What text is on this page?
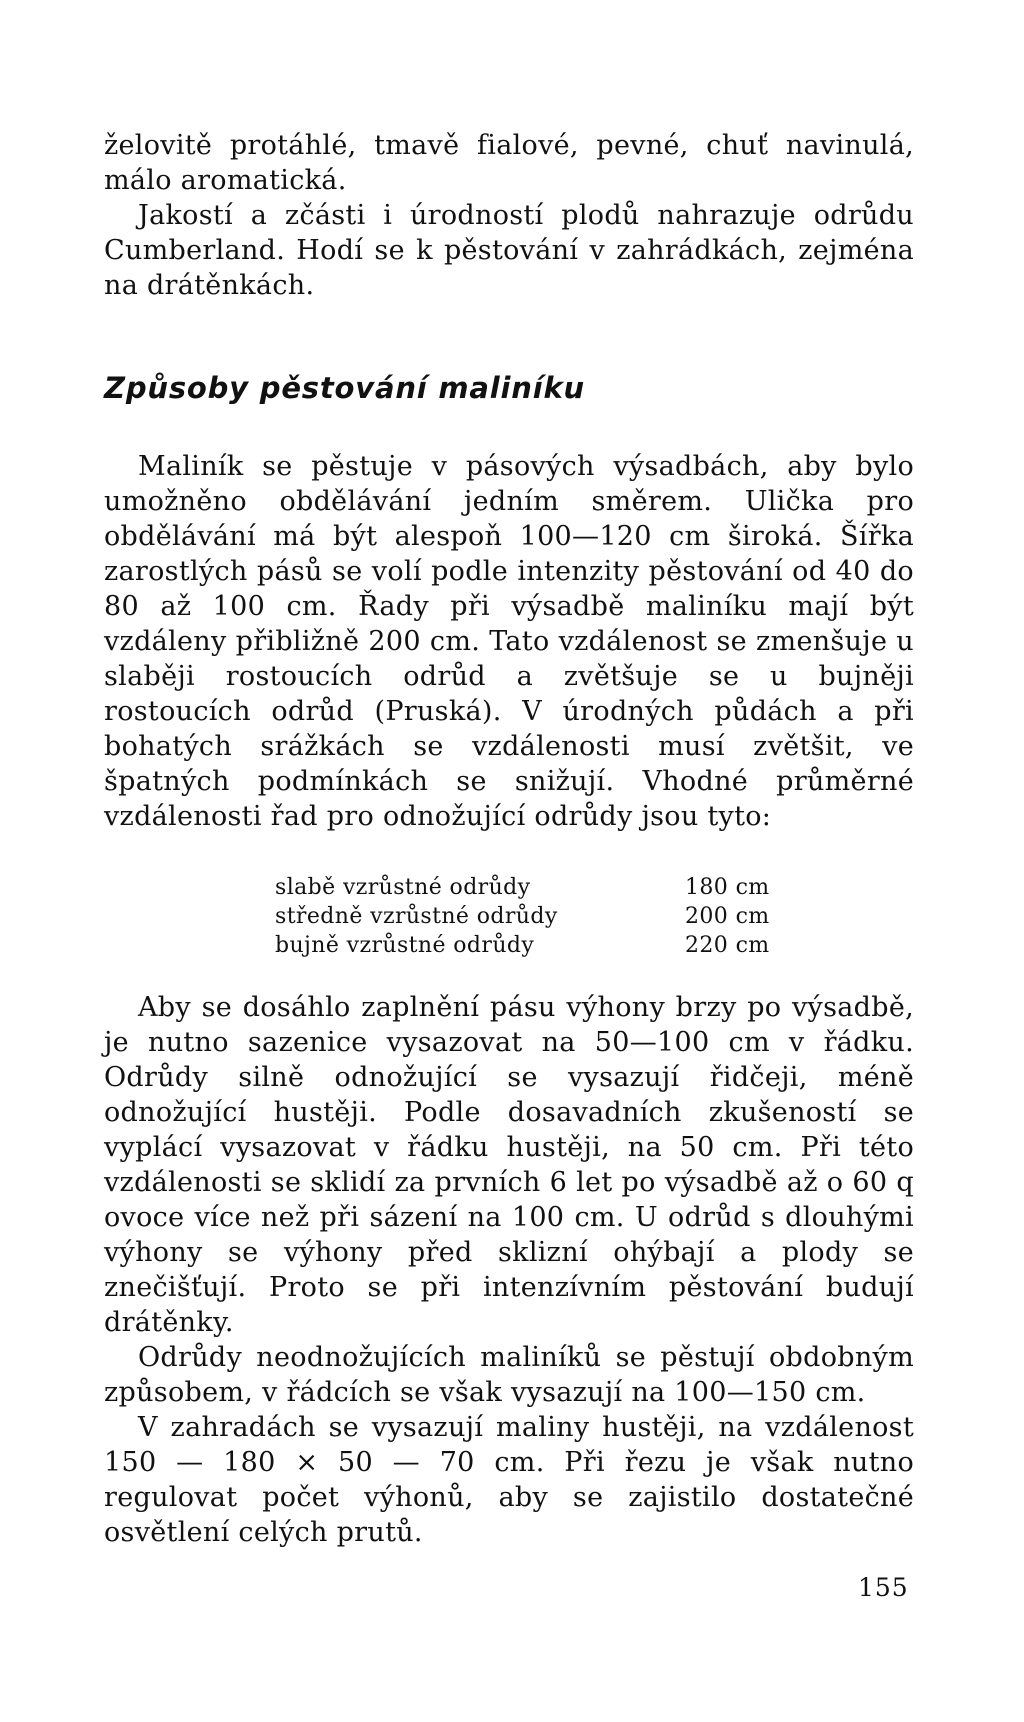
želovitě protáhlé, tmavě fialové, pevné, chuť navinulá, málo aromatická.

Jakostí a zčásti i úrodností plodů nahrazuje odrůdu Cumberland. Hodí se k pěstování v zahrádkách, zejména na drátěnkách.

Způsoby pěstování maliníku

Maliník se pěstuje v pásových výsadbách, aby bylo umožněno obdělávání jedním směrem. Ulička pro obdělávání má být alespoň 100—120 cm široká. Šířka zarostlých pásů se volí podle intenzity pěstování od 40 do 80 až 100 cm. Řady při výsadbě maliníku mají být vzdáleny přibližně 200 cm. Tato vzdálenost se zmenšuje u slaběji rostoucích odrůd a zvětšuje se u bujněji rostoucích odrůd (Pruská). V úrodných půdách a při bohatých srážkách se vzdálenosti musí zvětšit, ve špatných podmínkách se snižují. Vhodné průměrné vzdálenosti řad pro odnožující odrůdy jsou tyto:

slabě vzrůstné odrůdy	180 cm
středně vzrůstné odrůdy	200 cm
bujně vzrůstné odrůdy	220 cm

Aby se dosáhlo zaplnění pásu výhony brzy po výsadbě, je nutno sazenice vysazovat na 50—100 cm v řádku. Odrůdy silně odnožující se vysazují řidčeji, méně odnožující hustěji. Podle dosavadních zkušeností se vyplácí vysazovat v řádku hustěji, na 50 cm. Při této vzdálenosti se sklidí za prvních 6 let po výsadbě až o 60 q ovoce více než při sázení na 100 cm. U odrůd s dlouhými výhony se výhony před sklizní ohýbají a plody se znečišťují. Proto se při intenzívním pěstování budují drátěnky.

Odrůdy neodnožujících maliníků se pěstují obdobným způsobem, v řádcích se však vysazují na 100—150 cm.

V zahradách se vysazují maliny hustěji, na vzdálenost 150 — 180 × 50 — 70 cm. Při řezu je však nutno regulovat počet výhonů, aby se zajistilo dostatečné osvětlení celých prutů.

155
